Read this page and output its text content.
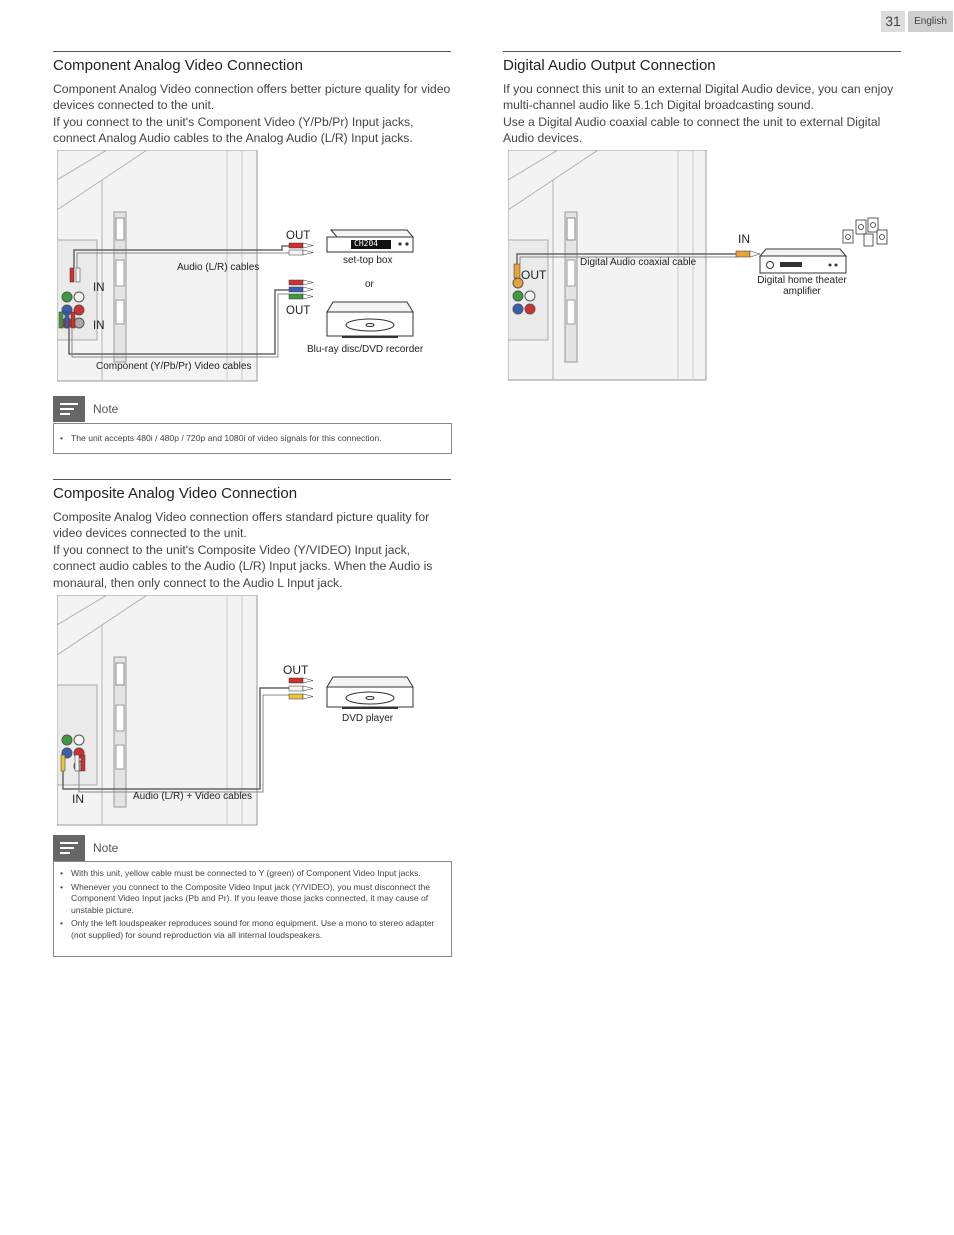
31	English
Component Analog Video Connection

Component Analog Video connection offers better picture quality for video devices connected to the unit.

If you connect to the unit's Component Video (Y/Pb/Pr) Input jacks, connect Analog Audio cables to the Analog Audio (L/R) Input jacks.

CH204
OUT
set-top box
or
OUT
Audio (L/R) cables
IN
IN
Blu-ray disc/DVD recorder
Component (Y/Pb/Pr) Video cables
Note
• The unit accepts 480i / 480p / 720p and 1080i of video signals for this connection.
Composite Analog Video Connection

Composite Analog Video connection offers standard picture quality for video devices connected to the unit.

If you connect to the unit's Composite Video (Y/VIDEO) Input jack, connect audio cables to the Audio (L/R) Input jacks. When the Audio is monaural, then only connect to the Audio L Input jack.

OUT
DVD player
IN	Audio (L/R) + Video cables
Note
• With this unit, yellow cable must be connected to Y (green) of Component Video Input jacks.
• Whenever you connect to the Composite Video Input jack (Y/VIDEO), you must disconnect the Component Video Input jacks (Pb and Pr). If you leave those jacks connected, it may cause of unstable picture.
• Only the left loudspeaker reproduces sound for mono equipment. Use a mono to stereo adapter (not supplied) for sound reproduction via all internal loudspeakers.
Digital Audio Output Connection

If you connect this unit to an external Digital Audio device, you can enjoy multi-channel audio like 5.1ch Digital broadcasting sound.

Use a Digital Audio coaxial cable to connect the unit to external Digital Audio devices.

IN
OUT
Digital Audio coaxial cable
Digital home theater
amplifier
